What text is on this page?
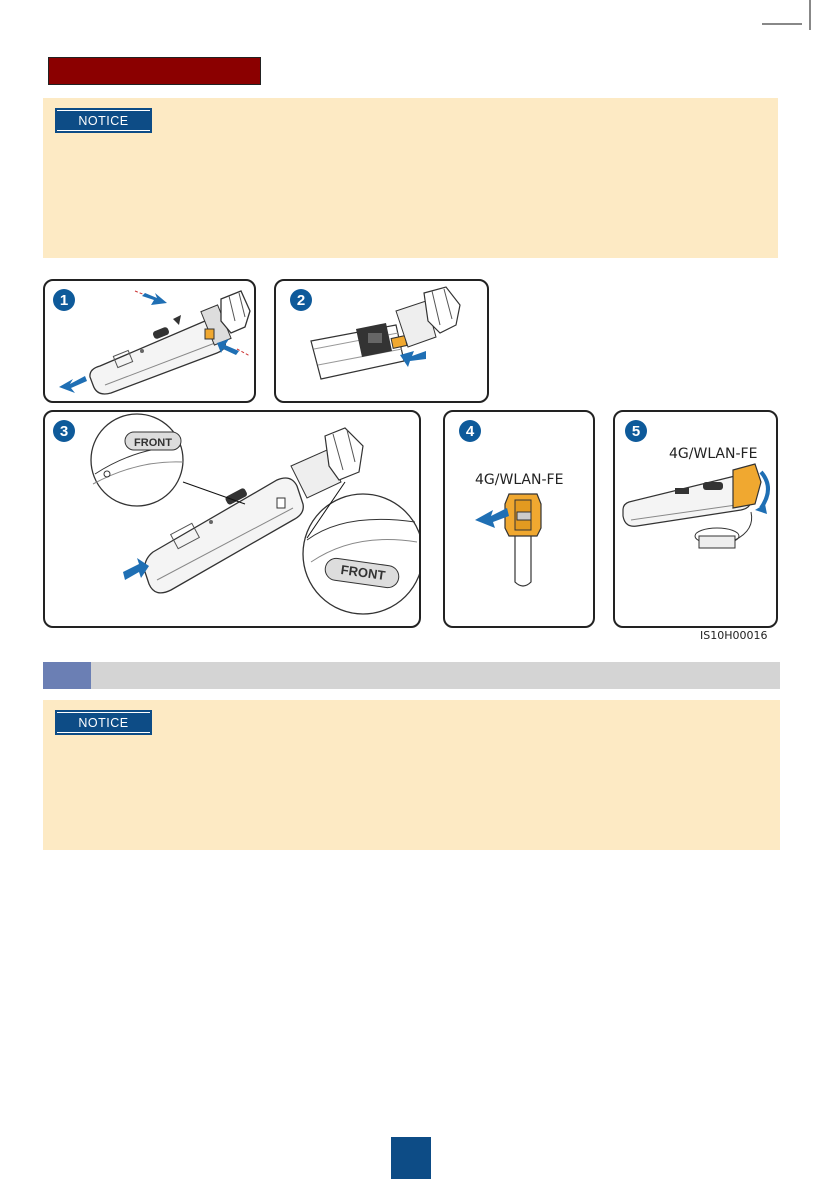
NOTICE
1	2
FRONT
FRONT
3
4G/WLAN-FE
4
4G/WLAN-FE
5
IS10H00016
NOTICE
